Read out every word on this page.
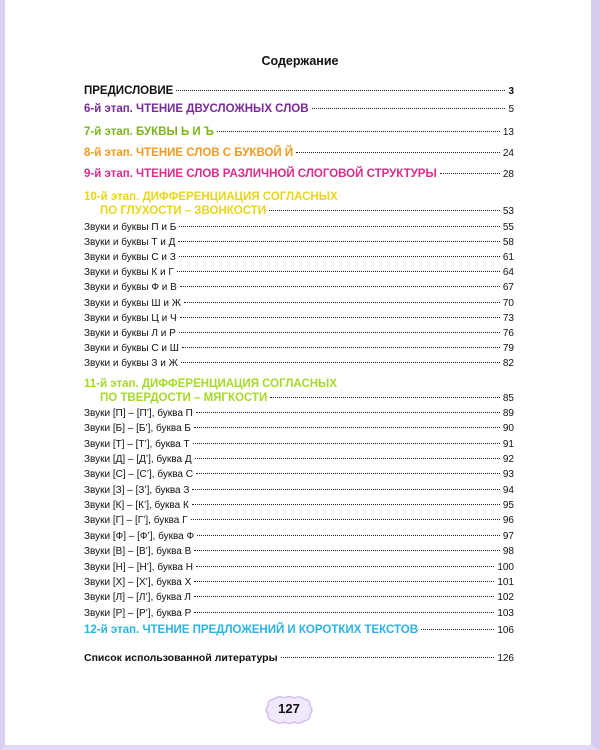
Содержание
ПРЕДИСЛОВИЕ	3
6-й этап. ЧТЕНИЕ ДВУСЛОЖНЫХ СЛОВ	5
7-й этап. БУКВЫ Ь И Ъ	13
8-й этап. ЧТЕНИЕ СЛОВ С БУКВОЙ Й	24
9-й этап. ЧТЕНИЕ СЛОВ РАЗЛИЧНОЙ СЛОГОВОЙ СТРУКТУРЫ	28
10-й этап. ДИФФЕРЕНЦИАЦИЯ СОГЛАСНЫХ
ПО ГЛУХОСТИ – ЗВОНКОСТИ	53
Звуки и буквы П и Б	55
Звуки и буквы Т и Д	58
Звуки и буквы С и З	61
Звуки и буквы К и Г	64
Звуки и буквы Ф и В	67
Звуки и буквы Ш и Ж	70
Звуки и буквы Ц и Ч	73
Звуки и буквы Л и Р	76
Звуки и буквы С и Ш	79
Звуки и буквы З и Ж	82
11-й этап. ДИФФЕРЕНЦИАЦИЯ СОГЛАСНЫХ
ПО ТВЕРДОСТИ – МЯГКОСТИ	85
Звуки [П] – [П’], буква П	89
Звуки [Б] – [Б’], буква Б	90
Звуки [Т] – [Т’], буква Т	91
Звуки [Д] – [Д’], буква Д	92
Звуки [С] – [С’], буква С	93
Звуки [З] – [З’], буква З	94
Звуки [К] – [К’], буква К	95
Звуки [Г] – [Г’], буква Г	96
Звуки [Ф] – [Ф’], буква Ф	97
Звуки [В] – [В’], буква В	98
Звуки [Н] – [Н’], буква Н	100
Звуки [Х] – [Х’], буква Х	101
Звуки [Л] – [Л’], буква Л	102
Звуки [Р] – [Р’], буква Р	103
12-й этап. ЧТЕНИЕ ПРЕДЛОЖЕНИЙ И КОРОТКИХ ТЕКСТОВ	106
Список использованной литературы	126
127
